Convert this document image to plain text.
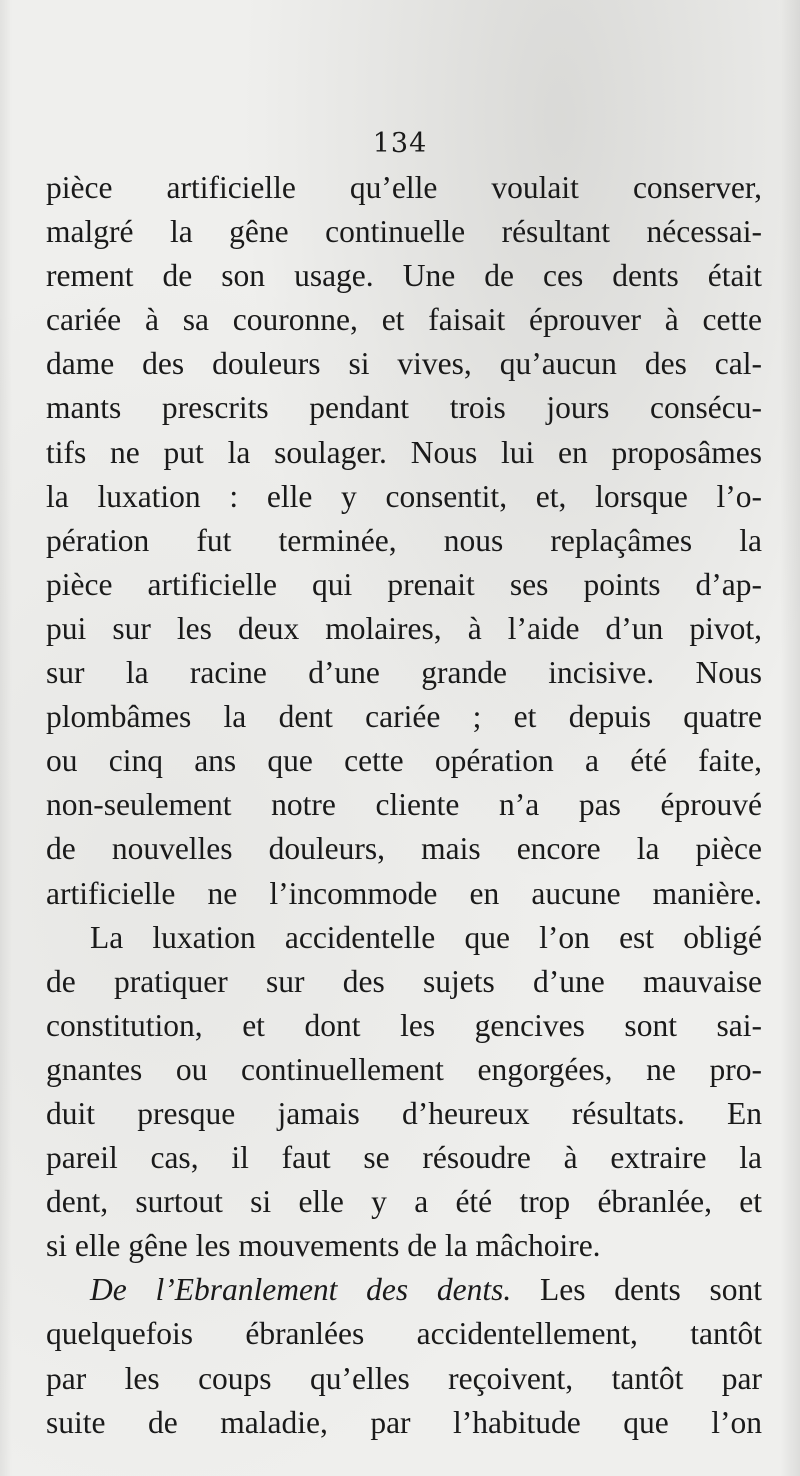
134
pièce artificielle qu’elle voulait conserver,
malgré la gêne continuelle résultant nécessai-
rement de son usage. Une de ces dents était
cariée à sa couronne, et faisait éprouver à cette
dame des douleurs si vives, qu’aucun des cal-
mants prescrits pendant trois jours consécu-
tifs ne put la soulager. Nous lui en proposâmes
la luxation : elle y consentit, et, lorsque l’o-
pération fut terminée, nous replaçâmes la
pièce artificielle qui prenait ses points d’ap-
pui sur les deux molaires, à l’aide d’un pivot,
sur la racine d’une grande incisive. Nous
plombâmes la dent cariée ; et depuis quatre
ou cinq ans que cette opération a été faite,
non-seulement notre cliente n’a pas éprouvé
de nouvelles douleurs, mais encore la pièce
artificielle ne l’incommode en aucune manière.
La luxation accidentelle que l’on est obligé
de pratiquer sur des sujets d’une mauvaise
constitution, et dont les gencives sont sai-
gnantes ou continuellement engorgées, ne pro-
duit presque jamais d’heureux résultats. En
pareil cas, il faut se résoudre à extraire la
dent, surtout si elle y a été trop ébranlée, et
si elle gêne les mouvements de la mâchoire.
De l’Ebranlement des dents. Les dents sont
quelquefois ébranlées accidentellement, tantôt
par les coups qu’elles reçoivent, tantôt par
suite de maladie, par l’habitude que l’on
